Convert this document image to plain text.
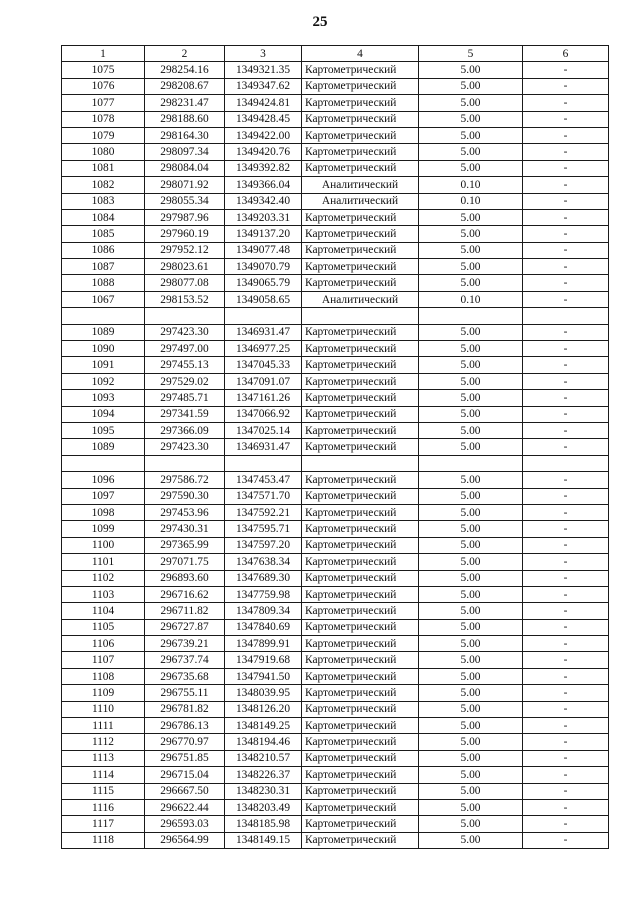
25
1	2	3	4	5	6
1075	298254.16	1349321.35	Картометрический	5.00	-
1076	298208.67	1349347.62	Картометрический	5.00	-
1077	298231.47	1349424.81	Картометрический	5.00	-
1078	298188.60	1349428.45	Картометрический	5.00	-
1079	298164.30	1349422.00	Картометрический	5.00	-
1080	298097.34	1349420.76	Картометрический	5.00	-
1081	298084.04	1349392.82	Картометрический	5.00	-
1082	298071.92	1349366.04	Аналитический	0.10	-
1083	298055.34	1349342.40	Аналитический	0.10	-
1084	297987.96	1349203.31	Картометрический	5.00	-
1085	297960.19	1349137.20	Картометрический	5.00	-
1086	297952.12	1349077.48	Картометрический	5.00	-
1087	298023.61	1349070.79	Картометрический	5.00	-
1088	298077.08	1349065.79	Картометрический	5.00	-
1067	298153.52	1349058.65	Аналитический	0.10	-

1089	297423.30	1346931.47	Картометрический	5.00	-
1090	297497.00	1346977.25	Картометрический	5.00	-
1091	297455.13	1347045.33	Картометрический	5.00	-
1092	297529.02	1347091.07	Картометрический	5.00	-
1093	297485.71	1347161.26	Картометрический	5.00	-
1094	297341.59	1347066.92	Картометрический	5.00	-
1095	297366.09	1347025.14	Картометрический	5.00	-
1089	297423.30	1346931.47	Картометрический	5.00	-

1096	297586.72	1347453.47	Картометрический	5.00	-
1097	297590.30	1347571.70	Картометрический	5.00	-
1098	297453.96	1347592.21	Картометрический	5.00	-
1099	297430.31	1347595.71	Картометрический	5.00	-
1100	297365.99	1347597.20	Картометрический	5.00	-
1101	297071.75	1347638.34	Картометрический	5.00	-
1102	296893.60	1347689.30	Картометрический	5.00	-
1103	296716.62	1347759.98	Картометрический	5.00	-
1104	296711.82	1347809.34	Картометрический	5.00	-
1105	296727.87	1347840.69	Картометрический	5.00	-
1106	296739.21	1347899.91	Картометрический	5.00	-
1107	296737.74	1347919.68	Картометрический	5.00	-
1108	296735.68	1347941.50	Картометрический	5.00	-
1109	296755.11	1348039.95	Картометрический	5.00	-
1110	296781.82	1348126.20	Картометрический	5.00	-
1111	296786.13	1348149.25	Картометрический	5.00	-
1112	296770.97	1348194.46	Картометрический	5.00	-
1113	296751.85	1348210.57	Картометрический	5.00	-
1114	296715.04	1348226.37	Картометрический	5.00	-
1115	296667.50	1348230.31	Картометрический	5.00	-
1116	296622.44	1348203.49	Картометрический	5.00	-
1117	296593.03	1348185.98	Картометрический	5.00	-
1118	296564.99	1348149.15	Картометрический	5.00	-
